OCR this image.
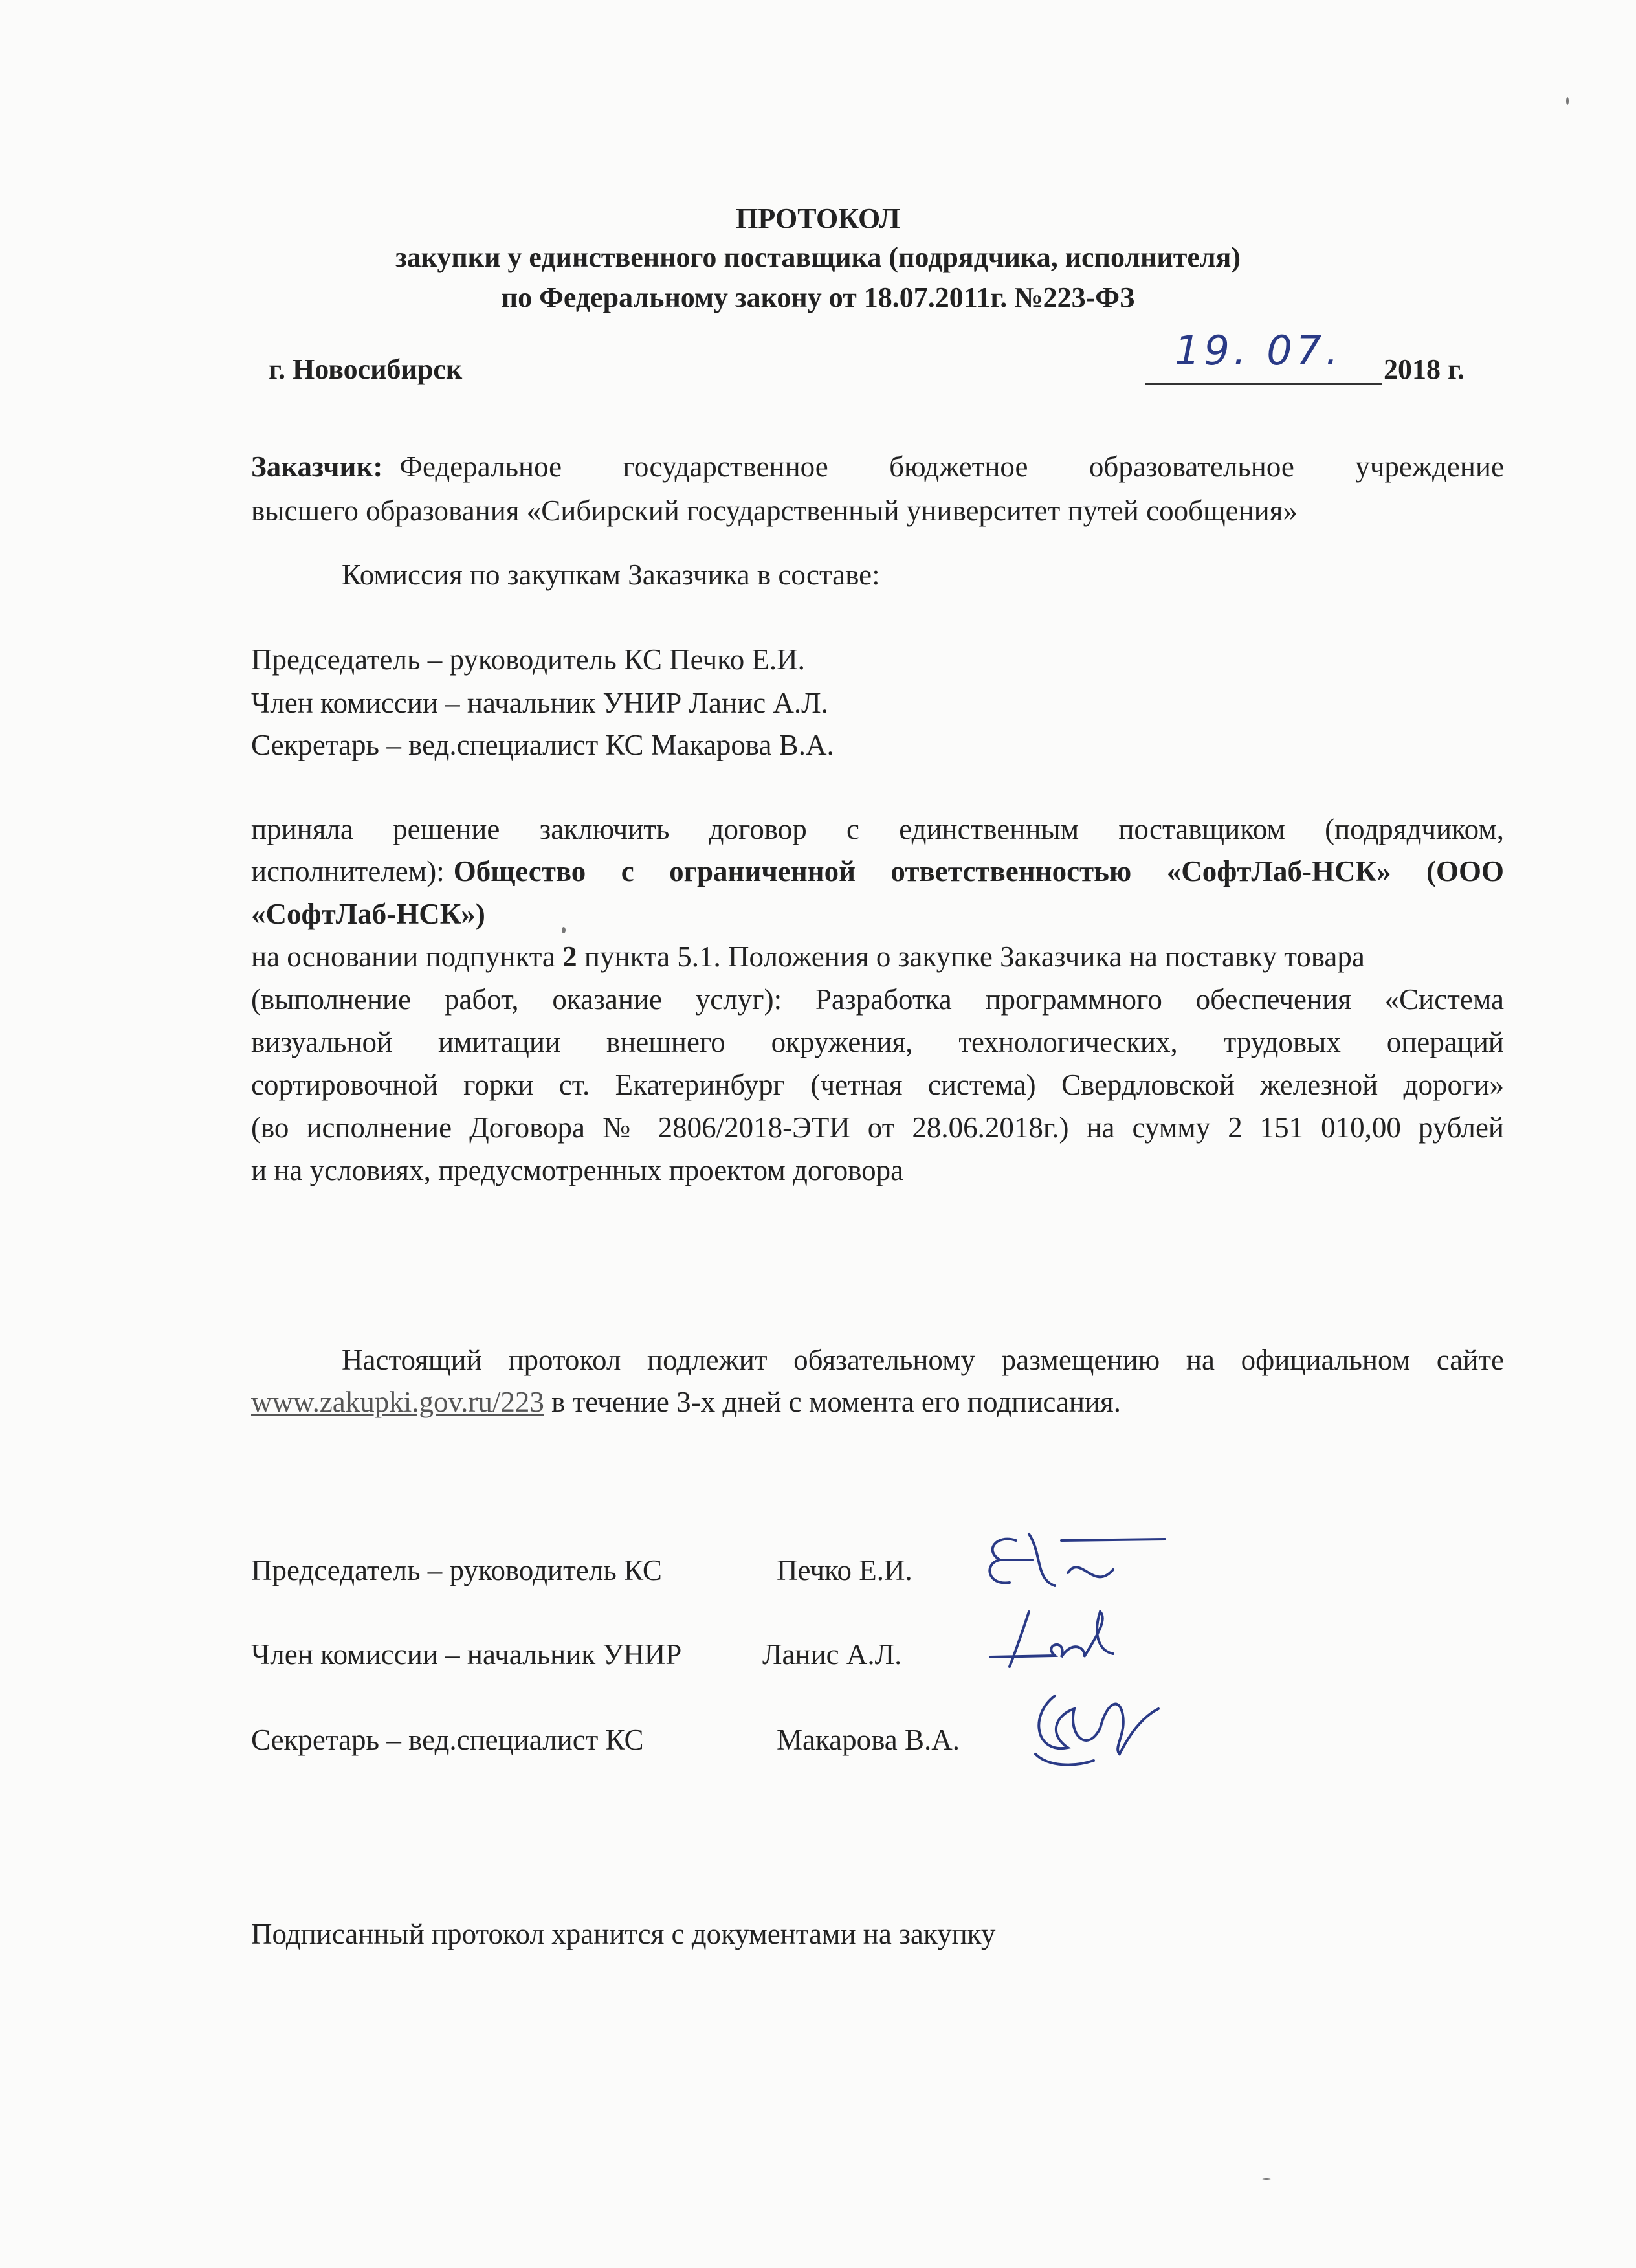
ПРОТОКОЛ
закупки у единственного поставщика (подрядчика, исполнителя)
по Федеральному закону от 18.07.2011г. №223-ФЗ
г. Новосибирск	19. 07. 2018 г.
Заказчик: Федеральное государственное бюджетное образовательное учреждение
высшего образования «Сибирский государственный университет путей сообщения»
Комиссия по закупкам Заказчика в составе:
Председатель – руководитель КС Печко Е.И.
Член комиссии – начальник УНИР Ланис А.Л.
Секретарь – вед.специалист КС Макарова В.А.
приняла решение заключить договор с единственным поставщиком (подрядчиком,
исполнителем): Общество с ограниченной ответственностью «СофтЛаб-НСК» (ООО
«СофтЛаб-НСК»)
на основании подпункта 2 пункта 5.1. Положения о закупке Заказчика на поставку товара
(выполнение работ, оказание услуг): Разработка программного обеспечения «Система
визуальной имитации внешнего окружения, технологических, трудовых операций
сортировочной горки ст. Екатеринбург (четная система) Свердловской железной дороги»
(во исполнение Договора № 2806/2018-ЭТИ от 28.06.2018г.) на сумму 2 151 010,00 рублей
и на условиях, предусмотренных проектом договора
Настоящий протокол подлежит обязательному размещению на официальном сайте
www.zakupki.gov.ru/223 в течение 3-х дней с момента его подписания.
Председатель – руководитель КС	Печко Е.И.
Член комиссии – начальник УНИР	Ланис А.Л.
Секретарь – вед.специалист КС	Макарова В.А.
Подписанный протокол хранится с документами на закупку
